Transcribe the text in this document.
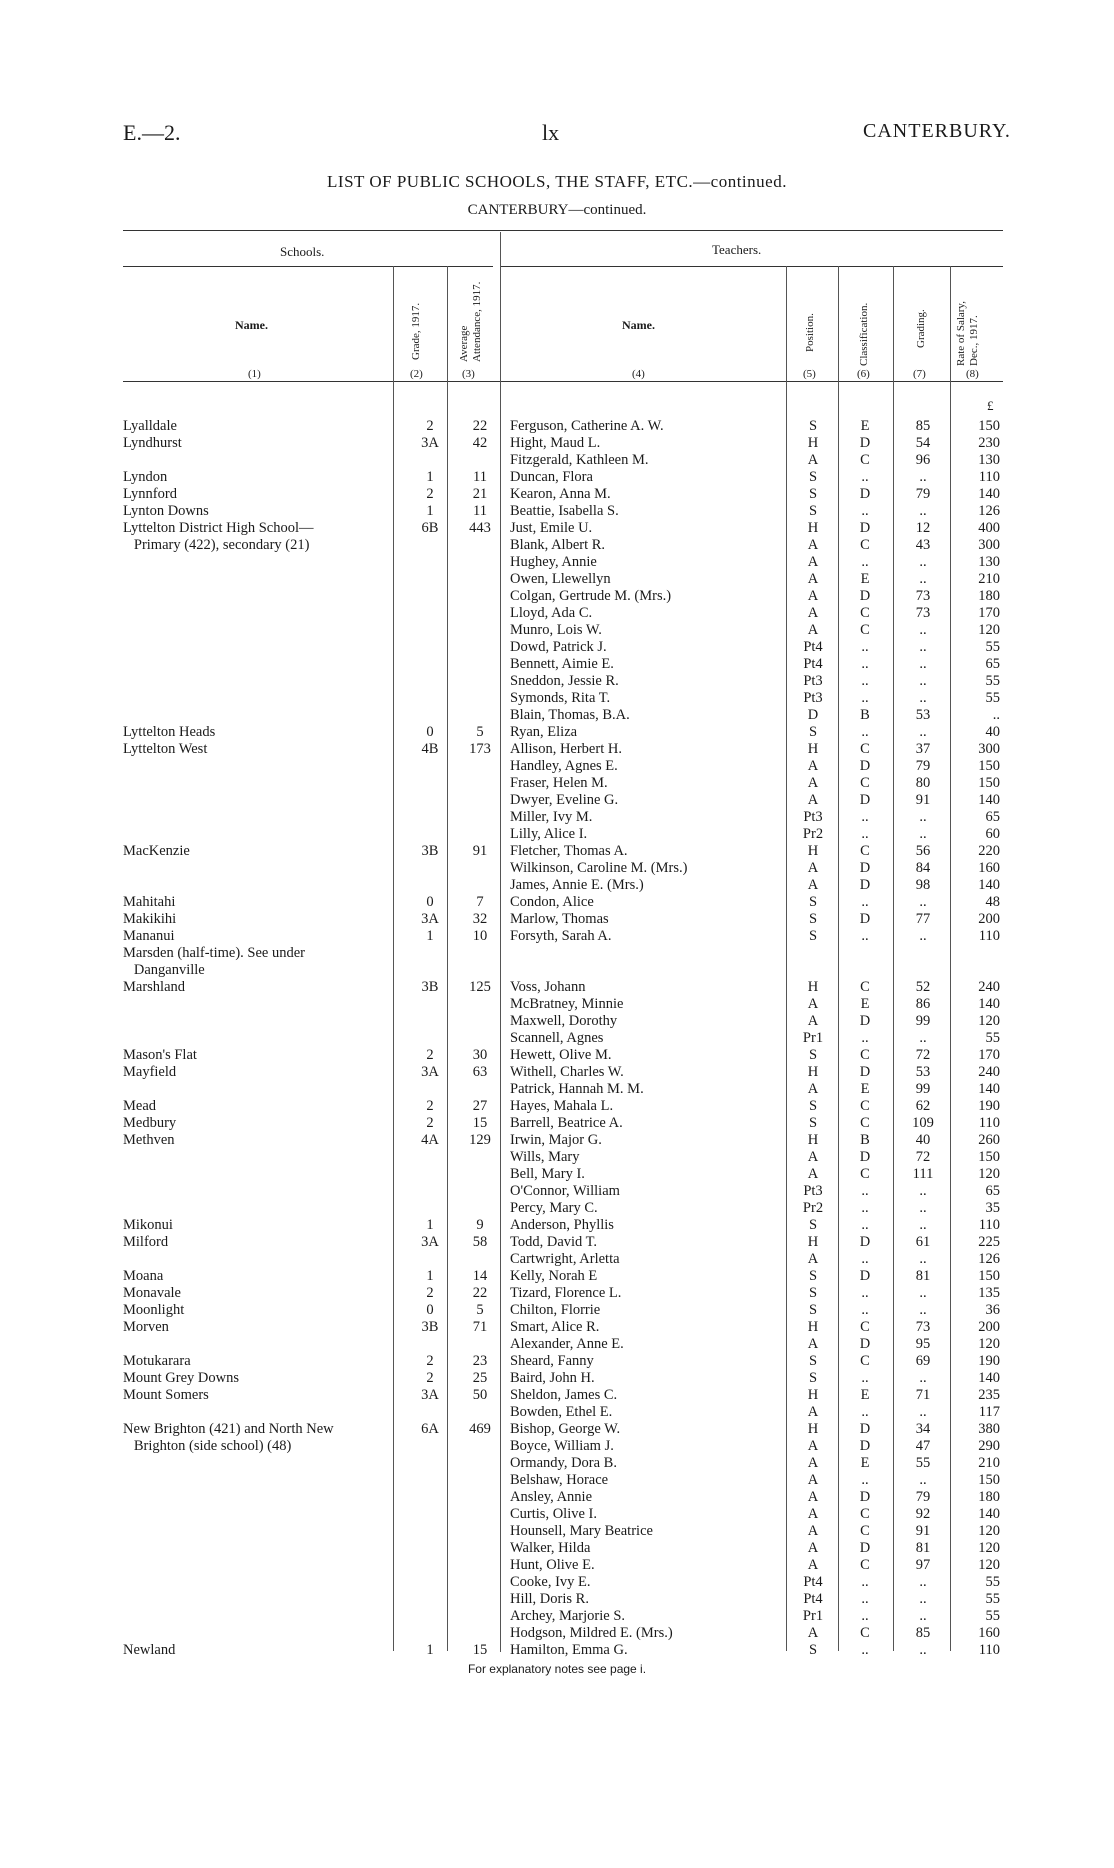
E.—2.	lx	CANTERBURY.
LIST OF PUBLIC SCHOOLS, THE STAFF, ETC.—continued.
CANTERBURY—continued.
Schools.	Teachers.
Name.	Grade, 1917.	Average Attendance, 1917.	Name.	Position.	Classification.	Grading.	Rate of Salary, Dec., 1917.
(1)	(2)	(3)	(4)	(5)	(6)	(7)	(8)
£
Lyalldale	2	22	Ferguson, Catherine A. W.	S	E	85	150
Lyndhurst	3A	42	Hight, Maud L.	H	D	54	230
Fitzgerald, Kathleen M.	A	C	96	130
Lyndon	1	11	Duncan, Flora	S	..	..	110
Lynnford	2	21	Kearon, Anna M.	S	D	79	140
Lynton Downs	1	11	Beattie, Isabella S.	S	..	..	126
Lyttelton District High School—	6B	443	Just, Emile U.	H	D	12	400
Primary (422), secondary (21)	Blank, Albert R.	A	C	43	300
Hughey, Annie	A	..	..	130
Owen, Llewellyn	A	E	..	210
Colgan, Gertrude M. (Mrs.)	A	D	73	180
Lloyd, Ada C.	A	C	73	170
Munro, Lois W.	A	C	..	120
Dowd, Patrick J.	Pt4	..	..	55
Bennett, Aimie E.	Pt4	..	..	65
Sneddon, Jessie R.	Pt3	..	..	55
Symonds, Rita T.	Pt3	..	..	55
Blain, Thomas, B.A.	D	B	53	..
Lyttelton Heads	0	5	Ryan, Eliza	S	..	..	40
Lyttelton West	4B	173	Allison, Herbert H.	H	C	37	300
Handley, Agnes E.	A	D	79	150
Fraser, Helen M.	A	C	80	150
Dwyer, Eveline G.	A	D	91	140
Miller, Ivy M.	Pt3	..	..	65
Lilly, Alice I.	Pr2	..	..	60
MacKenzie	3B	91	Fletcher, Thomas A.	H	C	56	220
Wilkinson, Caroline M. (Mrs.)	A	D	84	160
James, Annie E. (Mrs.)	A	D	98	140
Mahitahi	0	7	Condon, Alice	S	..	..	48
Makikihi	3A	32	Marlow, Thomas	S	D	77	200
Mananui	1	10	Forsyth, Sarah A.	S	..	..	110
Marsden (half-time). See under
Danganville
Marshland	3B	125	Voss, Johann	H	C	52	240
McBratney, Minnie	A	E	86	140
Maxwell, Dorothy	A	D	99	120
Scannell, Agnes	Pr1	..	..	55
Mason's Flat	2	30	Hewett, Olive M.	S	C	72	170
Mayfield	3A	63	Withell, Charles W.	H	D	53	240
Patrick, Hannah M. M.	A	E	99	140
Mead	2	27	Hayes, Mahala L.	S	C	62	190
Medbury	2	15	Barrell, Beatrice A.	S	C	109	110
Methven	4A	129	Irwin, Major G.	H	B	40	260
Wills, Mary	A	D	72	150
Bell, Mary I.	A	C	111	120
O'Connor, William	Pt3	..	..	65
Percy, Mary C.	Pr2	..	..	35
Mikonui	1	9	Anderson, Phyllis	S	..	..	110
Milford	3A	58	Todd, David T.	H	D	61	225
Cartwright, Arletta	A	..	..	126
Moana	1	14	Kelly, Norah E	S	D	81	150
Monavale	2	22	Tizard, Florence L.	S	..	..	135
Moonlight	0	5	Chilton, Florrie	S	..	..	36
Morven	3B	71	Smart, Alice R.	H	C	73	200
Alexander, Anne E.	A	D	95	120
Motukarara	2	23	Sheard, Fanny	S	C	69	190
Mount Grey Downs	2	25	Baird, John H.	S	..	..	140
Mount Somers	3A	50	Sheldon, James C.	H	E	71	235
Bowden, Ethel E.	A	..	..	117
New Brighton (421) and North New	6A	469	Bishop, George W.	H	D	34	380
Brighton (side school) (48)	Boyce, William J.	A	D	47	290
Ormandy, Dora B.	A	E	55	210
Belshaw, Horace	A	..	..	150
Ansley, Annie	A	D	79	180
Curtis, Olive I.	A	C	92	140
Hounsell, Mary Beatrice	A	C	91	120
Walker, Hilda	A	D	81	120
Hunt, Olive E.	A	C	97	120
Cooke, Ivy E.	Pt4	..	..	55
Hill, Doris R.	Pt4	..	..	55
Archey, Marjorie S.	Pr1	..	..	55
Hodgson, Mildred E. (Mrs.)	A	C	85	160
Newland	1	15	Hamilton, Emma G.	S	..	..	110
For explanatory notes see page i.
